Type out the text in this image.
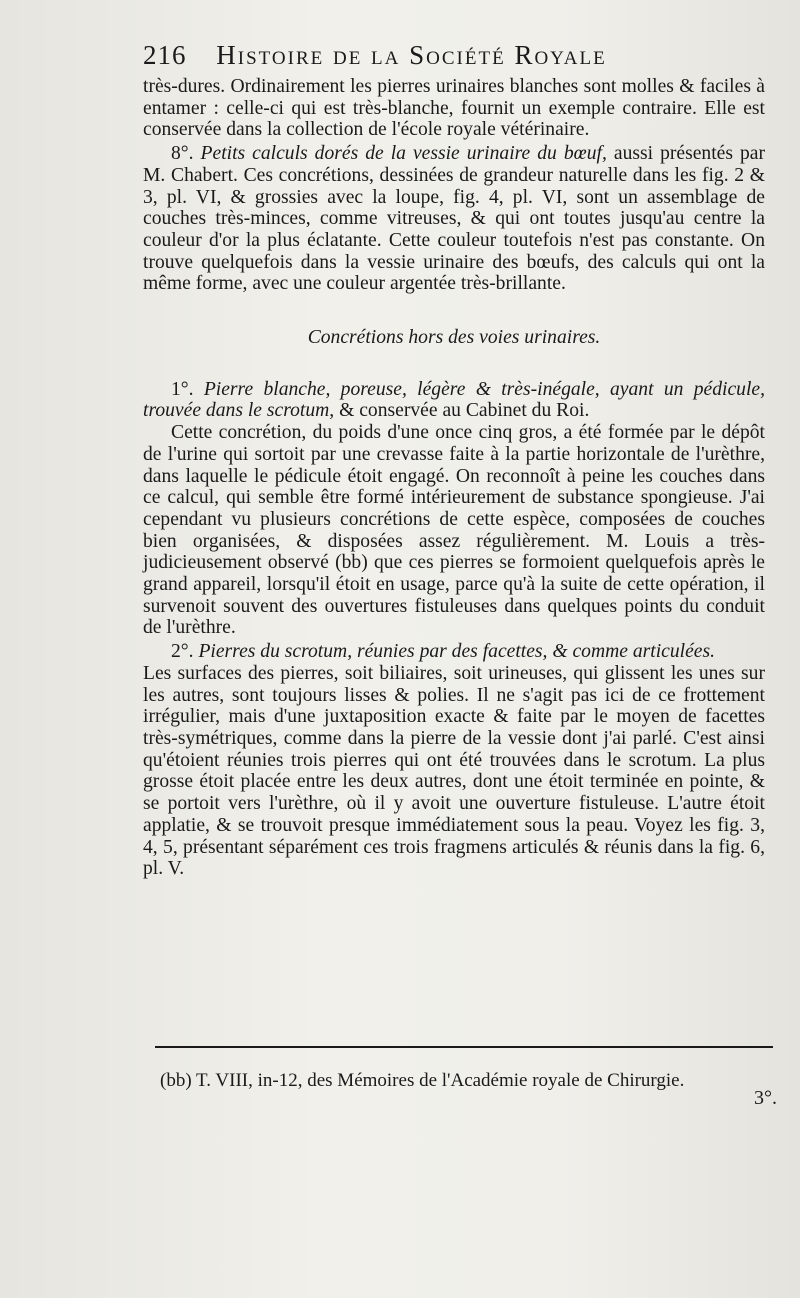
216 Histoire de la Société Royale

très-dures. Ordinairement les pierres urinaires blanches sont molles & faciles à entamer : celle-ci qui est très-blanche, fournit un exemple contraire. Elle est conservée dans la collection de l'école royale vétérinaire.

8°. Petits calculs dorés de la vessie urinaire du bœuf, aussi présentés par M. Chabert. Ces concrétions, dessinées de grandeur naturelle dans les fig. 2 & 3, pl. VI, & grossies avec la loupe, fig. 4, pl. VI, sont un assemblage de couches très-minces, comme vitreuses, & qui ont toutes jusqu'au centre la couleur d'or la plus éclatante. Cette couleur toutefois n'est pas constante. On trouve quelquefois dans la vessie urinaire des bœufs, des calculs qui ont la même forme, avec une couleur argentée très-brillante.

Concrétions hors des voies urinaires.

1°. Pierre blanche, poreuse, légère & très-inégale, ayant un pédicule, trouvée dans le scrotum, & conservée au Cabinet du Roi.

Cette concrétion, du poids d'une once cinq gros, a été formée par le dépôt de l'urine qui sortoit par une crevasse faite à la partie horizontale de l'urèthre, dans laquelle le pédicule étoit engagé. On reconnoît à peine les couches dans ce calcul, qui semble être formé intérieurement de substance spongieuse. J'ai cependant vu plusieurs concrétions de cette espèce, composées de couches bien organisées, & disposées assez régulièrement. M. Louis a très-judicieusement observé (bb) que ces pierres se formoient quelquefois après le grand appareil, lorsqu'il étoit en usage, parce qu'à la suite de cette opération, il survenoit souvent des ouvertures fistuleuses dans quelques points du conduit de l'urèthre.

2°. Pierres du scrotum, réunies par des facettes, & comme articulées.

Les surfaces des pierres, soit biliaires, soit urineuses, qui glissent les unes sur les autres, sont toujours lisses & polies. Il ne s'agit pas ici de ce frottement irrégulier, mais d'une juxtaposition exacte & faite par le moyen de facettes très-symétriques, comme dans la pierre de la vessie dont j'ai parlé. C'est ainsi qu'étoient réunies trois pierres qui ont été trouvées dans le scrotum. La plus grosse étoit placée entre les deux autres, dont une étoit terminée en pointe, & se portoit vers l'urèthre, où il y avoit une ouverture fistuleuse. L'autre étoit applatie, & se trouvoit presque immédiatement sous la peau. Voyez les fig. 3, 4, 5, présentant séparément ces trois fragmens articulés & réunis dans la fig. 6, pl. V.

(bb) T. VIII, in-12, des Mémoires de l'Académie royale de Chirurgie.
3°.
